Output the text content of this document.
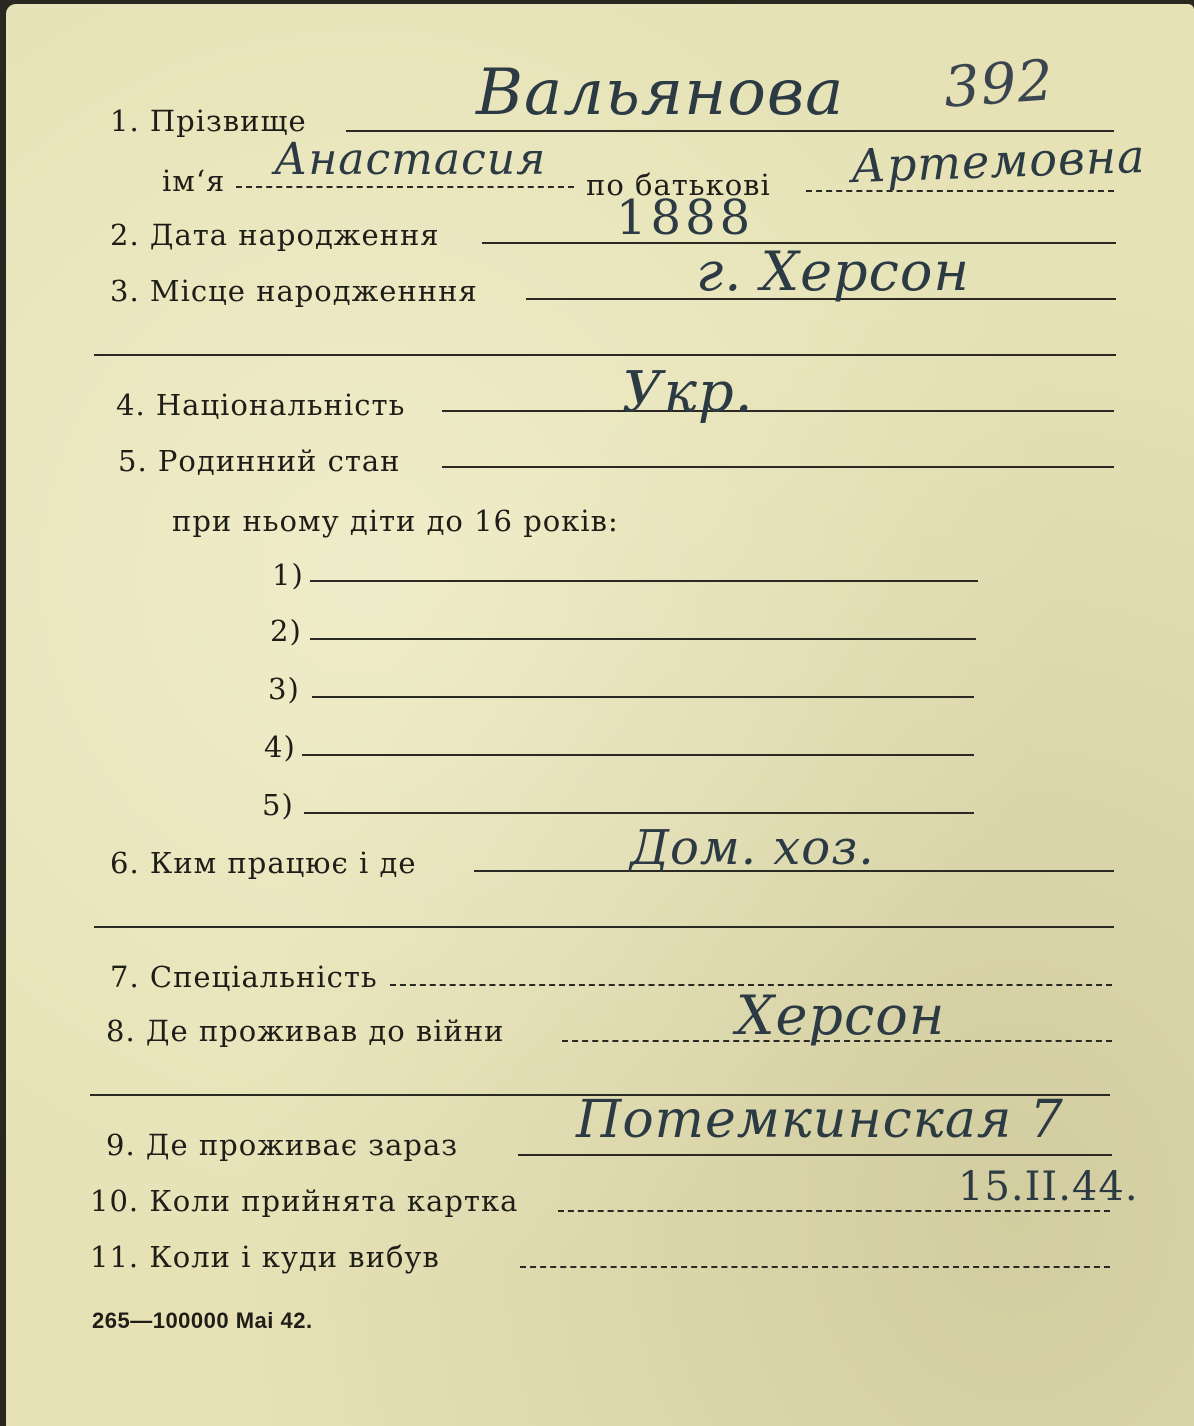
392
1. Прізвище	Вальянова
ім‘я Анастасия по батькові Артемовна
2. Дата народження	1888
3. Місце народженння	г. Херсон
4. Національність	Укр.
5. Родинний стан
при ньому діти до 16 років:
1)
2)
3)
4)
5)
6. Ким працює і де	Дом. хоз.
7. Спеціальність
8. Де проживав до війни	Херсон
9. Де проживає зараз Потемкинская 7
10. Коли прийнята картка	15.II.44.
11. Коли і куди вибув
265—100000 Mai 42.
